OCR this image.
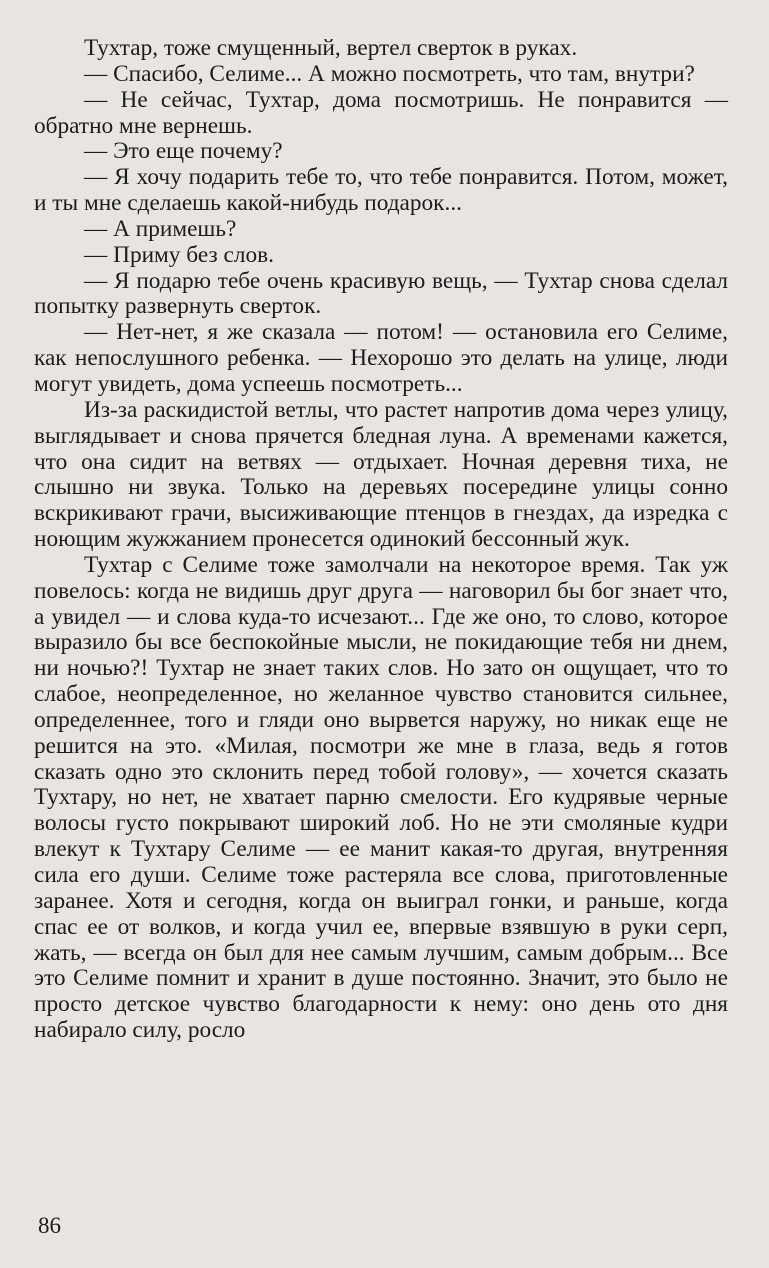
Тухтар, тоже смущенный, вертел сверток в руках.

— Спасибо, Селиме... А можно посмотреть, что там, внутри?

— Не сейчас, Тухтар, дома посмотришь. Не понравится — обратно мне вернешь.

— Это еще почему?

— Я хочу подарить тебе то, что тебе понравится. Потом, может, и ты мне сделаешь какой-нибудь подарок...

— А примешь?

— Приму без слов.

— Я подарю тебе очень красивую вещь, — Тухтар снова сделал попытку развернуть сверток.

— Нет-нет, я же сказала — потом! — остановила его Селиме, как непослушного ребенка. — Нехорошо это делать на улице, люди могут увидеть, дома успеешь посмотреть...

Из-за раскидистой ветлы, что растет напротив дома через улицу, выглядывает и снова прячется бледная луна. А временами кажется, что она сидит на ветвях — отдыхает. Ночная деревня тиха, не слышно ни звука. Только на деревьях посередине улицы сонно вскрикивают грачи, высиживающие птенцов в гнездах, да изредка с ноющим жужжанием пронесется одинокий бессонный жук.

Тухтар с Селиме тоже замолчали на некоторое время. Так уж повелось: когда не видишь друг друга — наговорил бы бог знает что, а увидел — и слова куда-то исчезают... Где же оно, то слово, которое выразило бы все беспокойные мысли, не покидающие тебя ни днем, ни ночью?! Тухтар не знает таких слов. Но зато он ощущает, что то слабое, неопределенное, но желанное чувство становится сильнее, определеннее, того и гляди оно вырвется наружу, но никак еще не решится на это. «Милая, посмотри же мне в глаза, ведь я готов сказать одно это склонить перед тобой голову», — хочется сказать Тухтару, но нет, не хватает парню смелости. Его кудрявые черные волосы густо покрывают широкий лоб. Но не эти смоляные кудри влекут к Тухтару Селиме — ее манит какая-то другая, внутренняя сила его души. Селиме тоже растеряла все слова, приготовленные заранее. Хотя и сегодня, когда он выиграл гонки, и раньше, когда спас ее от волков, и когда учил ее, впервые взявшую в руки серп, жать, — всегда он был для нее самым лучшим, самым добрым... Все это Селиме помнит и хранит в душе постоянно. Значит, это было не просто детское чувство благодарности к нему: оно день ото дня набирало силу, росло

86
